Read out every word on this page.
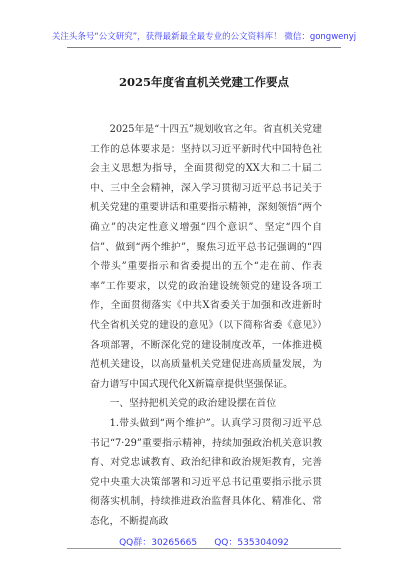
关注头条号“公文研究”，获得最新最全最专业的公文资料库！ 微信：gongwenyj
2025年度省直机关党建工作要点

2025年是“十四五”规划收官之年。省直机关党建工作的总体要求是：坚持以习近平新时代中国特色社会主义思想为指导，全面贯彻党的XX大和二十届二中、三中全会精神，深入学习贯彻习近平总书记关于机关党建的重要讲话和重要指示精神，深刻领悟“两个确立”的决定性意义增强“四个意识”、坚定“四个自信”、做到“两个维护”，聚焦习近平总书记强调的“四个带头”重要指示和省委提出的五个“走在前、作表率”工作要求，以党的政治建设统领党的建设各项工作，全面贯彻落实《中共X省委关于加强和改进新时代全省机关党的建设的意见》（以下简称省委《意见》）各项部署，不断深化党的建设制度改革，一体推进模范机关建设，以高质量机关党建促进高质量发展，为奋力谱写中国式现代化X新篇章提供坚强保证。

一、坚持把机关党的政治建设摆在首位

1.带头做到“两个维护”。认真学习贯彻习近平总书记“7·29”重要指示精神，持续加强政治机关意识教育、对党忠诚教育、政治纪律和政治规矩教育，完善党中央重大决策部署和习近平总书记重要指示批示贯彻落实机制，持续推进政治监督具体化、精准化、常态化，不断提高政

QQ群：30265665      QQ：535304092
